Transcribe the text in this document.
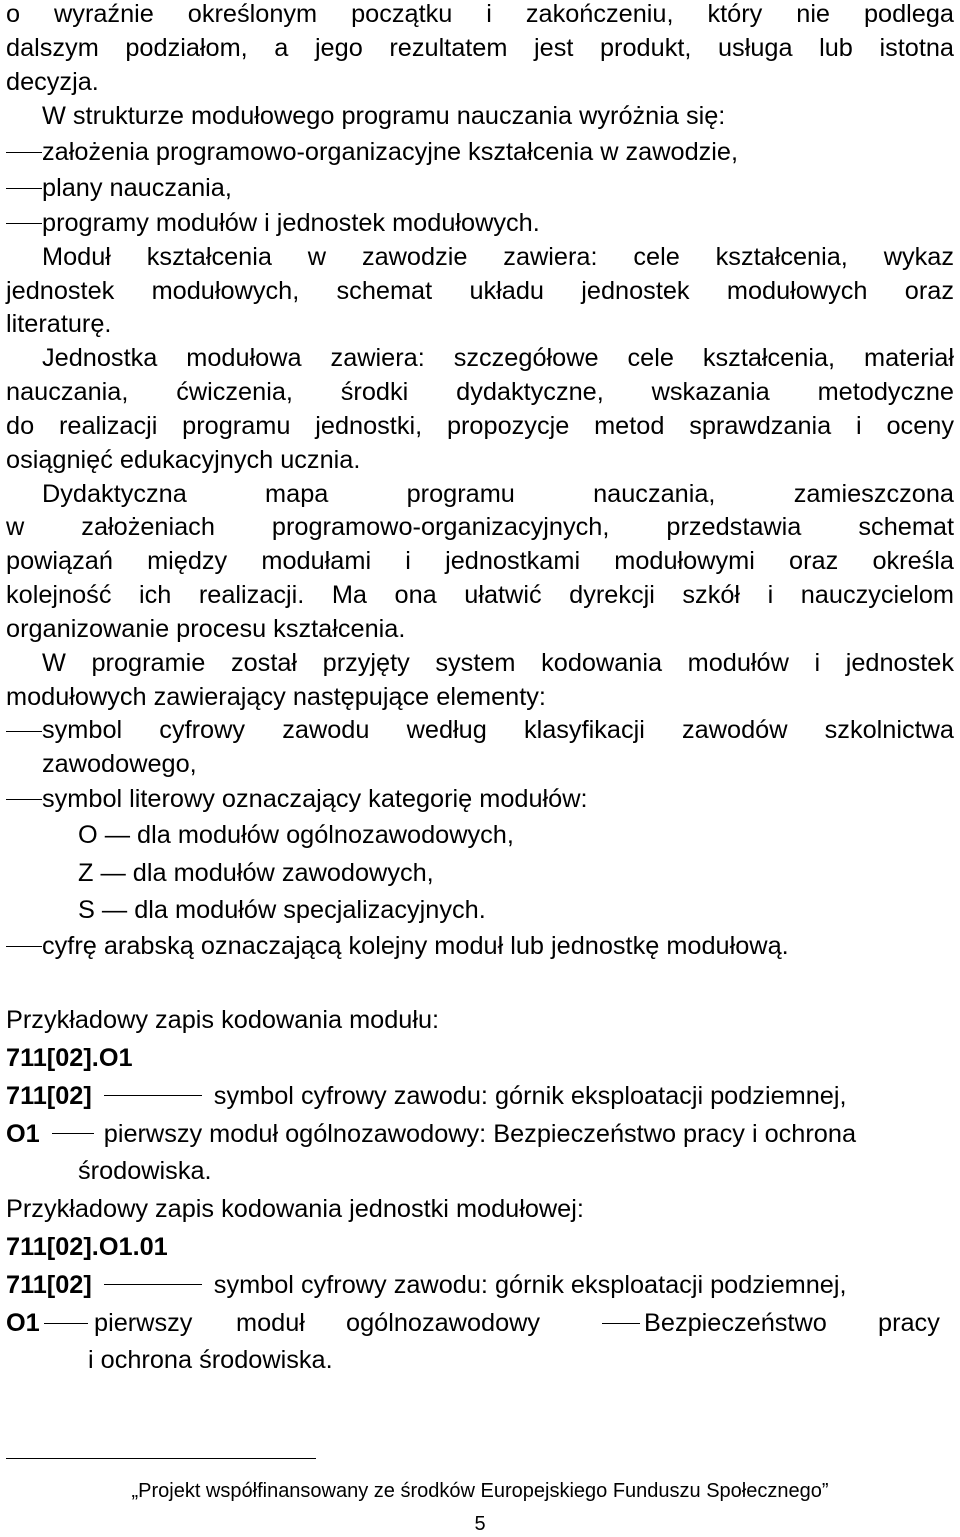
o wyraźnie określonym początku i zakończeniu, który nie podlega
dalszym podziałom, a jego rezultatem jest produkt, usługa lub istotna
decyzja.
W strukturze modułowego programu nauczania wyróżnia się:
założenia programowo-organizacyjne kształcenia w zawodzie,
plany nauczania,
programy modułów i jednostek modułowych.
Moduł kształcenia w zawodzie zawiera: cele kształcenia, wykaz
jednostek modułowych, schemat układu jednostek modułowych oraz
literaturę.
Jednostka modułowa zawiera: szczegółowe cele kształcenia, materiał
nauczania, ćwiczenia, środki dydaktyczne, wskazania metodyczne
do realizacji programu jednostki, propozycje metod sprawdzania i oceny
osiągnięć edukacyjnych ucznia.
Dydaktyczna mapa programu nauczania, zamieszczona
w założeniach programowo-organizacyjnych, przedstawia schemat
powiązań między modułami i jednostkami modułowymi oraz określa
kolejność ich realizacji. Ma ona ułatwić dyrekcji szkół i nauczycielom
organizowanie procesu kształcenia.
W programie został przyjęty system kodowania modułów i jednostek
modułowych zawierający następujące elementy:
symbol cyfrowy zawodu według klasyfikacji zawodów szkolnictwa
zawodowego,
symbol literowy oznaczający kategorię modułów:
O — dla modułów ogólnozawodowych,
Z — dla modułów zawodowych,
S — dla modułów specjalizacyjnych.
cyfrę arabską oznaczającą kolejny moduł lub jednostkę modułową.
Przykładowy zapis kodowania modułu:
711[02].O1
711[02]	symbol cyfrowy zawodu: górnik eksploatacji podziemnej,
O1	pierwszy moduł ogólnozawodowy: Bezpieczeństwo pracy i ochrona
środowiska.
Przykładowy zapis kodowania jednostki modułowej:
711[02].O1.01
711[02]	symbol cyfrowy zawodu: górnik eksploatacji podziemnej,
O1 pierwszy moduł ogólnozawodowy	Bezpieczeństwo pracy
i ochrona środowiska.
„Projekt współfinansowany ze środków Europejskiego Funduszu Społecznego”
5
